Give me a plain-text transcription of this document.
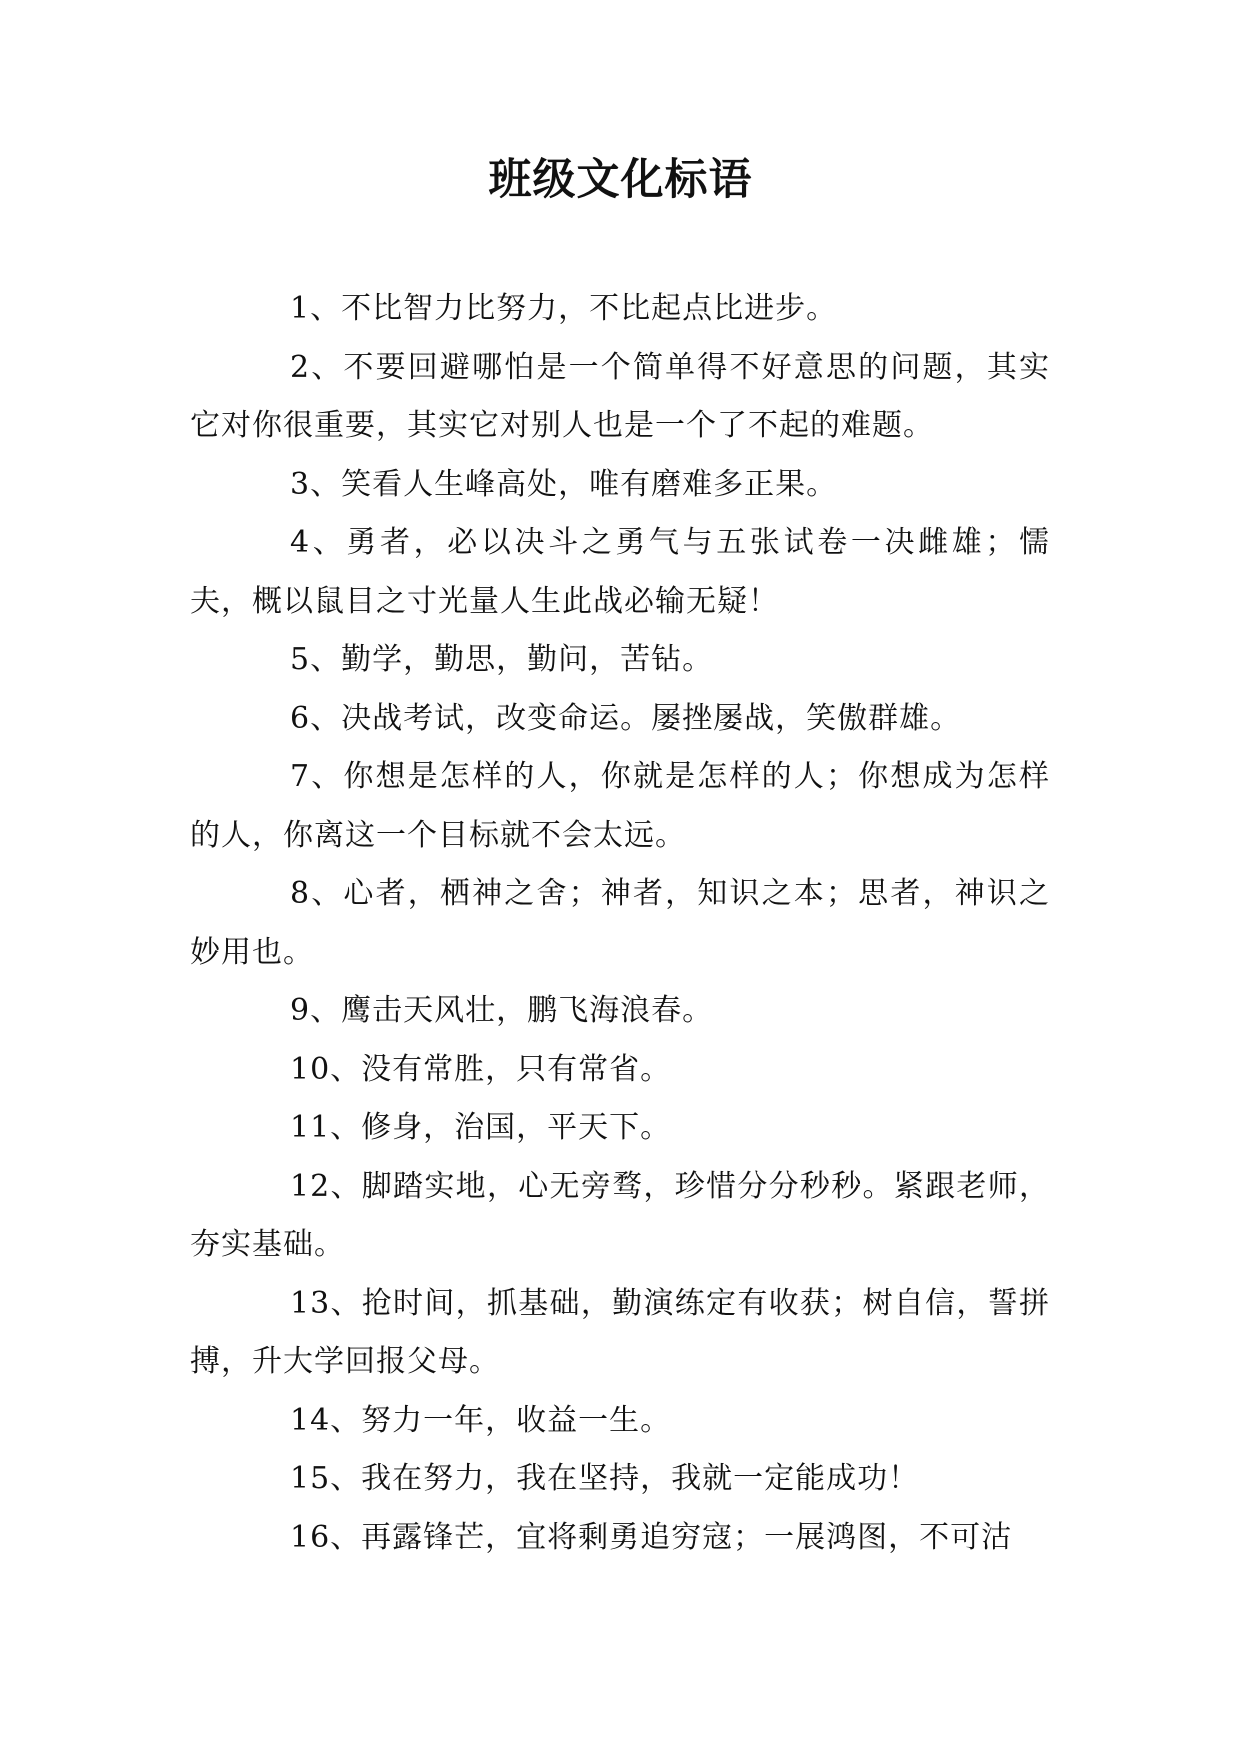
班级文化标语

1、不比智力比努力，不比起点比进步。

2、不要回避哪怕是一个简单得不好意思的问题，其实它对你很重要，其实它对别人也是一个了不起的难题。

3、笑看人生峰高处，唯有磨难多正果。

4、勇者，必以决斗之勇气与五张试卷一决雌雄；懦夫，概以鼠目之寸光量人生此战必输无疑！

5、勤学，勤思，勤问，苦钻。

6、决战考试，改变命运。屡挫屡战，笑傲群雄。

7、你想是怎样的人，你就是怎样的人；你想成为怎样的人，你离这一个目标就不会太远。

8、心者，栖神之舍；神者，知识之本；思者，神识之妙用也。

9、鹰击天风壮，鹏飞海浪春。

10、没有常胜，只有常省。

11、修身，治国，平天下。

12、脚踏实地，心无旁骛，珍惜分分秒秒。紧跟老师，夯实基础。

13、抢时间，抓基础，勤演练定有收获；树自信，誓拼搏，升大学回报父母。

14、努力一年，收益一生。

15、我在努力，我在坚持，我就一定能成功！

16、再露锋芒，宜将剩勇追穷寇；一展鸿图，不可沽
